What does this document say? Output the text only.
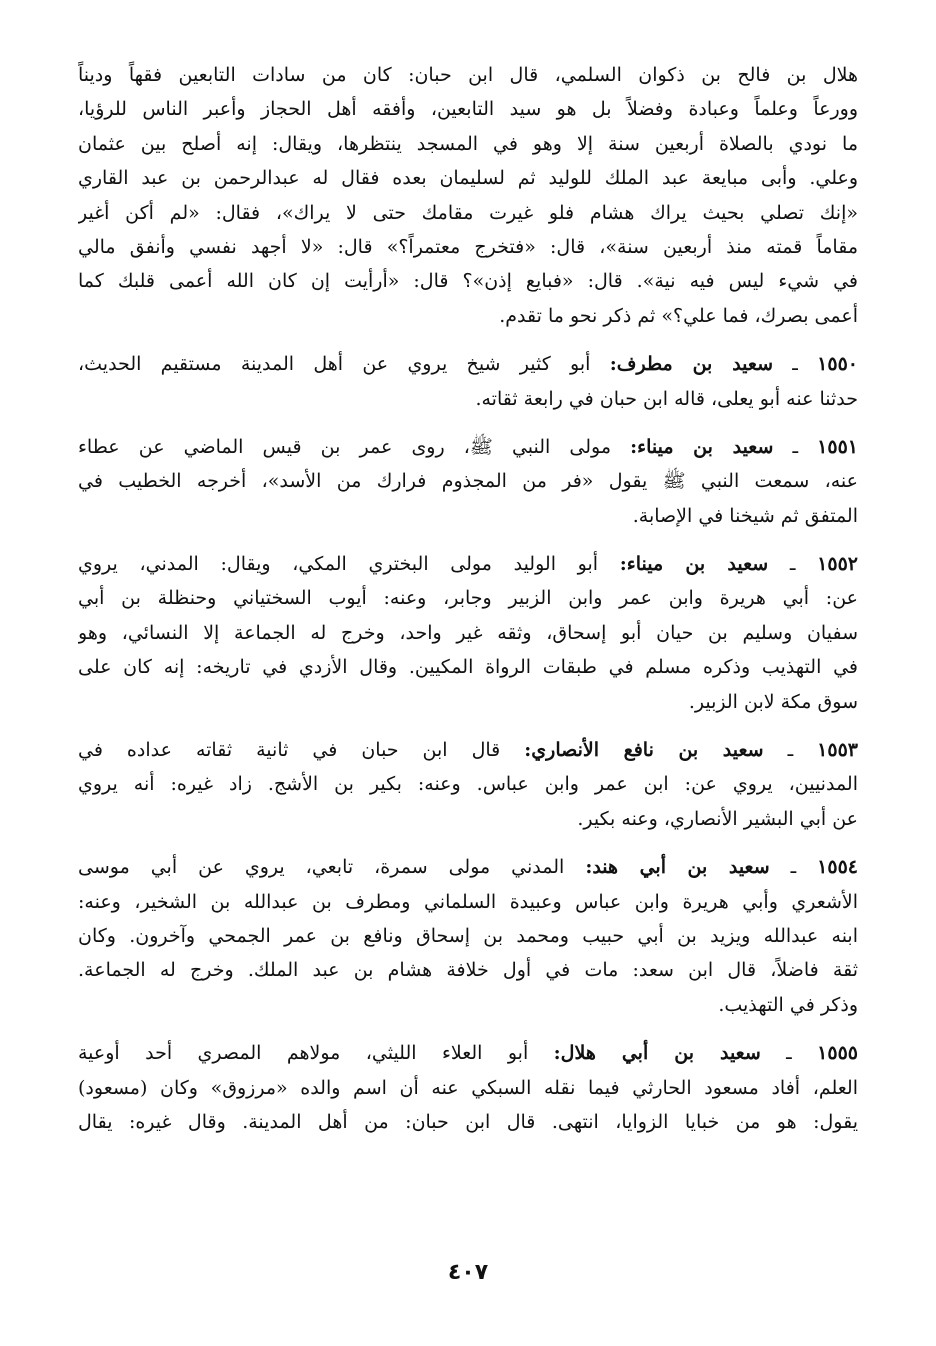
هلال بن فالح بن ذكوان السلمي، قال ابن حبان: كان من سادات التابعين فقهاً وديناً
وورعاً وعلماً وعبادة وفضلاً بل هو سيد التابعين، وأفقه أهل الحجاز وأعبر الناس للرؤيا،
ما نودي بالصلاة أربعين سنة إلا وهو في المسجد ينتظرها، ويقال: إنه أصلح بين عثمان
وعلي. وأبى مبايعة عبد الملك للوليد ثم لسليمان بعده فقال له عبدالرحمن بن عبد القاري
«إنك تصلي بحيث يراك هشام فلو غيرت مقامك حتى لا يراك»، فقال: «لم أكن أغير
مقاماً قمته منذ أربعين سنة»، قال: «فتخرج معتمراً؟» قال: «لا أجهد نفسي وأنفق مالي
في شيء ليس فيه نية». قال: «فبايع إذن»؟ قال: «أرأيت إن كان الله أعمى قلبك كما
أعمى بصرك، فما علي؟» ثم ذكر نحو ما تقدم.
١٥٥٠ ـ سعيد بن مطرف: أبو كثير شيخ يروي عن أهل المدينة مستقيم الحديث،
حدثنا عنه أبو يعلى، قاله ابن حبان في رابعة ثقاته.
١٥٥١ ـ سعيد بن ميناء: مولى النبي ﷺ، روى عمر بن قيس الماضي عن عطاء
عنه، سمعت النبي ﷺ يقول «فر من المجذوم فرارك من الأسد»، أخرجه الخطيب في
المتفق ثم شيخنا في الإصابة.
١٥٥٢ ـ سعيد بن ميناء: أبو الوليد مولى البختري المكي، ويقال: المدني، يروي
عن: أبي هريرة وابن عمر وابن الزبير وجابر، وعنه: أيوب السختياني وحنظلة بن أبي
سفيان وسليم بن حيان أبو إسحاق، وثقه غير واحد، وخرج له الجماعة إلا النسائي، وهو
في التهذيب وذكره مسلم في طبقات الرواة المكيين. وقال الأزدي في تاريخه: إنه كان على
سوق مكة لابن الزبير.
١٥٥٣ ـ سعيد بن نافع الأنصاري: قال ابن حبان في ثانية ثقاته عداده في
المدنيين، يروي عن: ابن عمر وابن عباس. وعنه: بكير بن الأشج. زاد غيره: أنه يروي
عن أبي البشير الأنصاري، وعنه بكير.
١٥٥٤ ـ سعيد بن أبي هند: المدني مولى سمرة، تابعي، يروي عن أبي موسى
الأشعري وأبي هريرة وابن عباس وعبيدة السلماني ومطرف بن عبدالله بن الشخير، وعنه:
ابنه عبدالله ويزيد بن أبي حبيب ومحمد بن إسحاق ونافع بن عمر الجمحي وآخرون. وكان
ثقة فاضلاً، قال ابن سعد: مات في أول خلافة هشام بن عبد الملك. وخرج له الجماعة.
وذكر في التهذيب.
١٥٥٥ ـ سعيد بن أبي هلال: أبو العلاء الليثي، مولاهم المصري أحد أوعية
العلم، أفاد مسعود الحارثي فيما نقله السبكي عنه أن اسم والده «مرزوق» وكان (مسعود)
يقول: هو من خبايا الزوايا، انتهى. قال ابن حبان: من أهل المدينة. وقال غيره: يقال
٤٠٧
